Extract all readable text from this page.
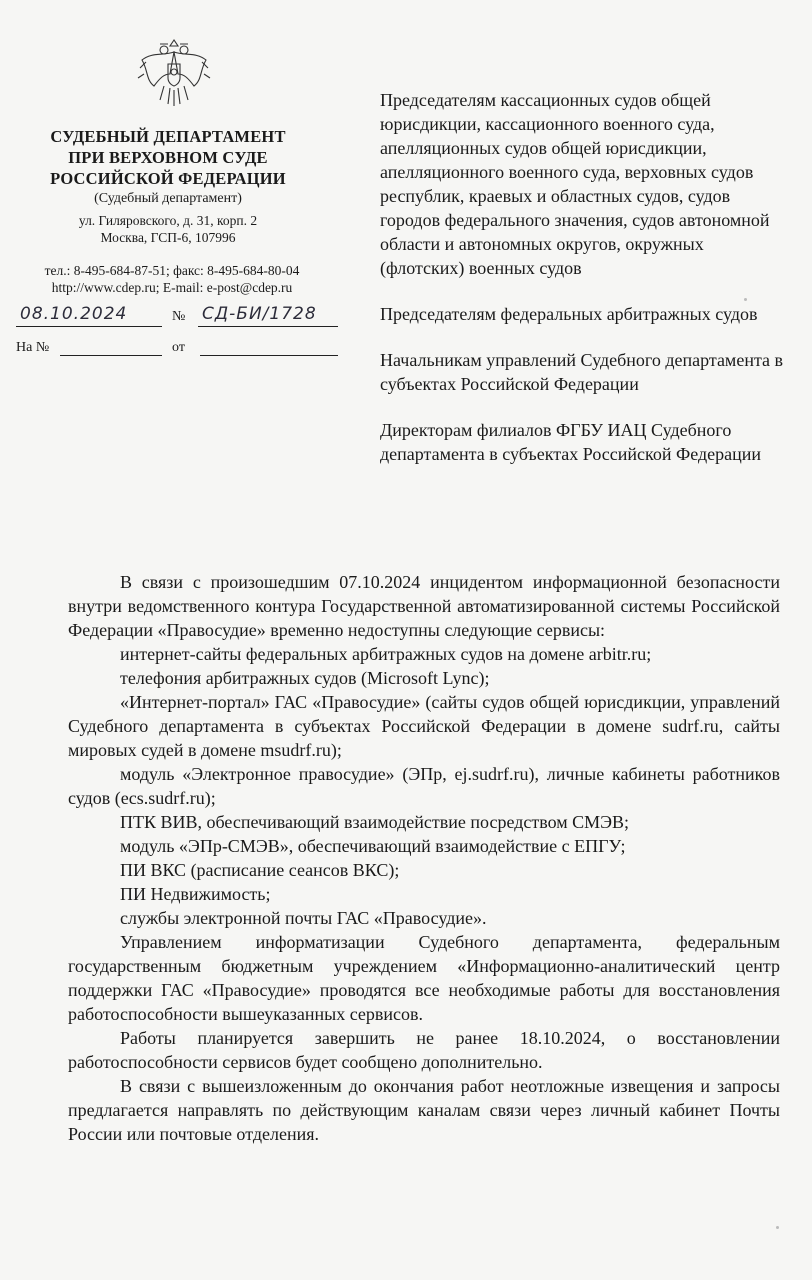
СУДЕБНЫЙ ДЕПАРТАМЕНТ
ПРИ ВЕРХОВНОМ СУДЕ
РОССИЙСКОЙ ФЕДЕРАЦИИ
(Судебный департамент)
ул. Гиляровского, д. 31, корп. 2
Москва, ГСП-6, 107996
тел.: 8-495-684-87-51; факс: 8-495-684-80-04
http://www.cdep.ru; E-mail: e-post@cdep.ru
08.10.2024	№ СД-БИ/1728
На №	от

Председателям кассационных судов общей юрисдикции, кассационного военного суда, апелляционных судов общей юрисдикции, апелляционного военного суда, верховных судов республик, краевых и областных судов, судов городов федерального значения, судов автономной области и автономных округов, окружных (флотских) военных судов

Председателям федеральных арбитражных судов

Начальникам управлений Судебного департамента в субъектах Российской Федерации

Директорам филиалов ФГБУ ИАЦ Судебного департамента в субъектах Российской Федерации

В связи с произошедшим 07.10.2024 инцидентом информационной безопасности внутри ведомственного контура Государственной автоматизированной системы Российской Федерации «Правосудие» временно недоступны следующие сервисы:

интернет-сайты федеральных арбитражных судов на домене arbitr.ru;

телефония арбитражных судов (Microsoft Lync);

«Интернет-портал» ГАС «Правосудие» (сайты судов общей юрисдикции, управлений Судебного департамента в субъектах Российской Федерации в домене sudrf.ru, сайты мировых судей в домене msudrf.ru);

модуль «Электронное правосудие» (ЭПр, ej.sudrf.ru), личные кабинеты работников судов (ecs.sudrf.ru);

ПТК ВИВ, обеспечивающий взаимодействие посредством СМЭВ;

модуль «ЭПр-СМЭВ», обеспечивающий взаимодействие с ЕПГУ;

ПИ ВКС (расписание сеансов ВКС);

ПИ Недвижимость;

службы электронной почты ГАС «Правосудие».

Управлением информатизации Судебного департамента, федеральным государственным бюджетным учреждением «Информационно-аналитический центр поддержки ГАС «Правосудие» проводятся все необходимые работы для восстановления работоспособности вышеуказанных сервисов.

Работы планируется завершить не ранее 18.10.2024, о восстановлении работоспособности сервисов будет сообщено дополнительно.

В связи с вышеизложенным до окончания работ неотложные извещения и запросы предлагается направлять по действующим каналам связи через личный кабинет Почты России или почтовые отделения.
